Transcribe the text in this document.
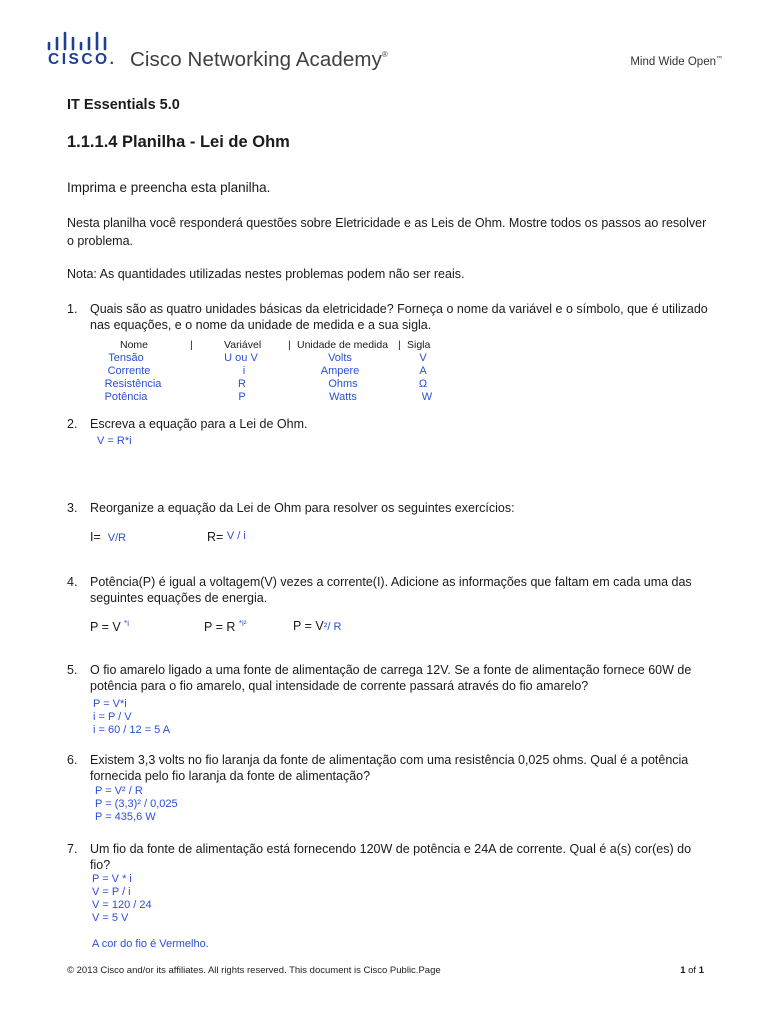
CISCO. Cisco Networking Academy®
Mind Wide Open™
IT Essentials 5.0
1.1.1.4 Planilha - Lei de Ohm
Imprima e preencha esta planilha.
Nesta planilha você responderá questões sobre Eletricidade e as Leis de Ohm. Mostre todos os passos ao resolver o problema.
Nota: As quantidades utilizadas nestes problemas podem não ser reais.
1. Quais são as quatro unidades básicas da eletricidade? Forneça o nome da variável e o símbolo, que é utilizado nas equações, e o nome da unidade de medida e a sua sigla.
Nome	|	Variável	| Unidade de medida | Sigla
Tensão	U ou V	Volts	V
Corrente	i	Ampere	A
Resistência	R	Ohms	Ω
Potência	P	Watts	W
2. Escreva a equação para a Lei de Ohm.
V = R*i
3. Reorganize a equação da Lei de Ohm para resolver os seguintes exercícios:
I= V/R	R= V / i
4. Potência(P) é igual a voltagem(V) vezes a corrente(I). Adicione as informações que faltam em cada uma das seguintes equações de energia.
P = V $^{*i}$	P = R $^{*i^2}$	P = V²/ R
5. O fio amarelo ligado a uma fonte de alimentação de carrega 12V. Se a fonte de alimentação fornece 60W de potência para o fio amarelo, qual intensidade de corrente passará através do fio amarelo?
P = V*i
i = P / V
i = 60 / 12 = 5 A
6. Existem 3,3 volts no fio laranja da fonte de alimentação com uma resistência 0,025 ohms. Qual é a potência fornecida pelo fio laranja da fonte de alimentação?
P = V² / R
P = (3,3)² / 0,025
P = 435,6 W
7. Um fio da fonte de alimentação está fornecendo 120W de potência e 24A de corrente. Qual é a(s) cor(es) do fio?
P = V * i
V = P / i
V = 120 / 24
V = 5 V
A cor do fio é Vermelho.
© 2013 Cisco and/or its affiliates. All rights reserved. This document is Cisco Public.Page	1 of 1
